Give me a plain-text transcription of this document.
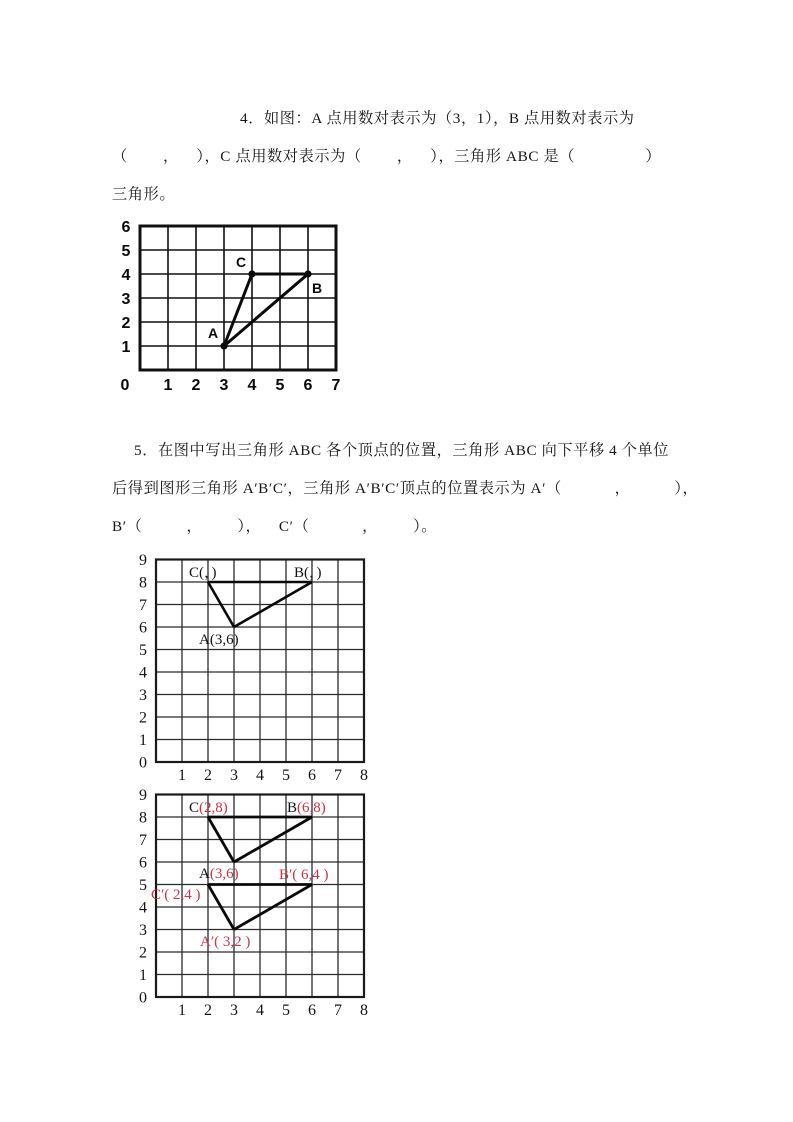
4．如图：A 点用数对表示为（3，1），B 点用数对表示为
（        ，    ），C 点用数对表示为（        ，    ），三角形 ABC 是（                ）
三角形。
A
C
B
6
5
4
3
2
1
0 1 2 3 4 5 6 7
5．在图中写出三角形 ABC 各个顶点的位置，三角形 ABC 向下平移 4 个单位
后得到图形三角形 A′B′C′，三角形 A′B′C′顶点的位置表示为 A′（            ，          ），
B′（          ，        ），    C′（            ，        ）。
C(，)	B(，)
A(3,6)
9
8
7
6
5
4
3
2
1
0
1 2 3 4 5 6 7 8
C(2,8)	B(6,8)
A(3,6)	B′( 6,4 )
C′( 2,4 )
A′( 3,2 )
9
8
7
6
5
4
3
2
1
0
1 2 3 4 5 6 7 8
